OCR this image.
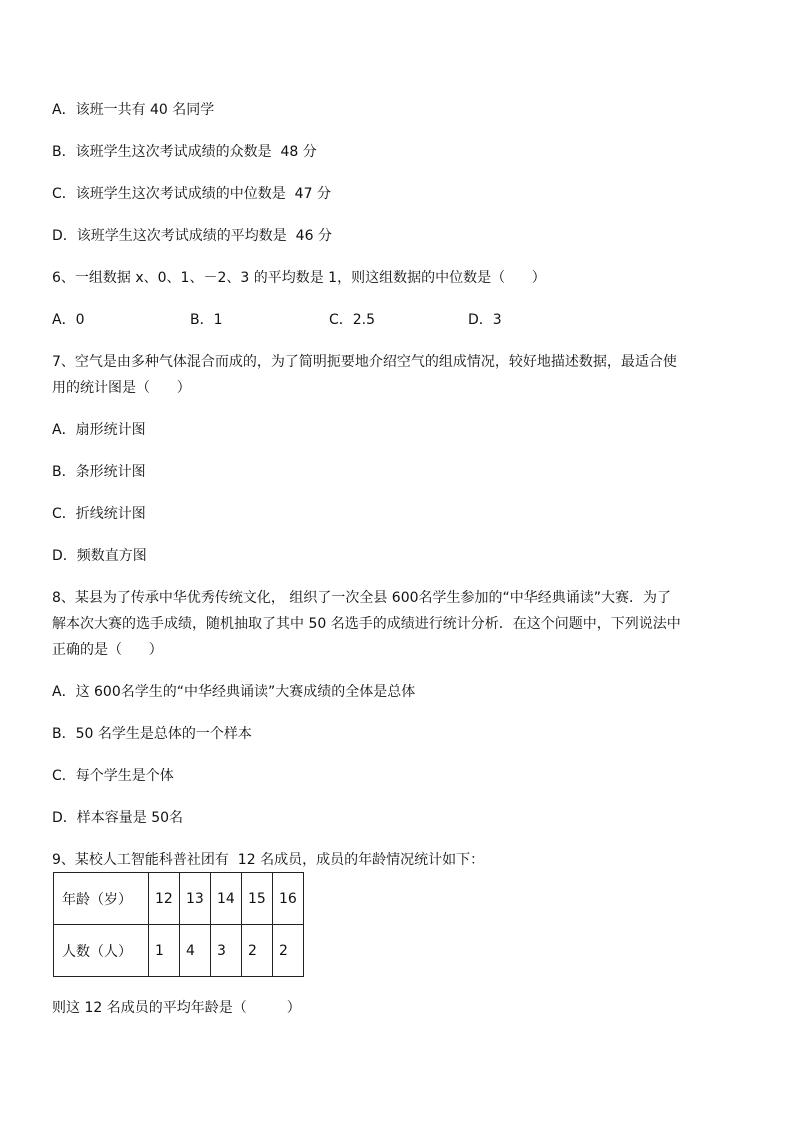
A．该班一共有 40 名同学
B．该班学生这次考试成绩的众数是  48 分
C．该班学生这次考试成绩的中位数是  47 分
D．该班学生这次考试成绩的平均数是  46 分
6、一组数据 x、0、1、－2、3 的平均数是 1，则这组数据的中位数是（      ）
A．0	B．1	C．2.5	D．3
7、空气是由多种气体混合而成的，为了简明扼要地介绍空气的组成情况，较好地描述数据，最适合使
用的统计图是（      ）
A．扇形统计图
B．条形统计图
C．折线统计图
D．频数直方图
8、某县为了传承中华优秀传统文化， 组织了一次全县 600名学生参加的“中华经典诵读”大赛．为了
解本次大赛的选手成绩，随机抽取了其中 50 名选手的成绩进行统计分析．在这个问题中，下列说法中
正确的是（      ）
A．这 600名学生的“中华经典诵读”大赛成绩的全体是总体
B．50 名学生是总体的一个样本
C．每个学生是个体
D．样本容量是 50名
9、某校人工智能科普社团有  12 名成员，成员的年龄情况统计如下：
年龄（岁）	12	13	14	15	16
人数（人）	1	4	3	2	2
则这 12 名成员的平均年龄是（         ）
